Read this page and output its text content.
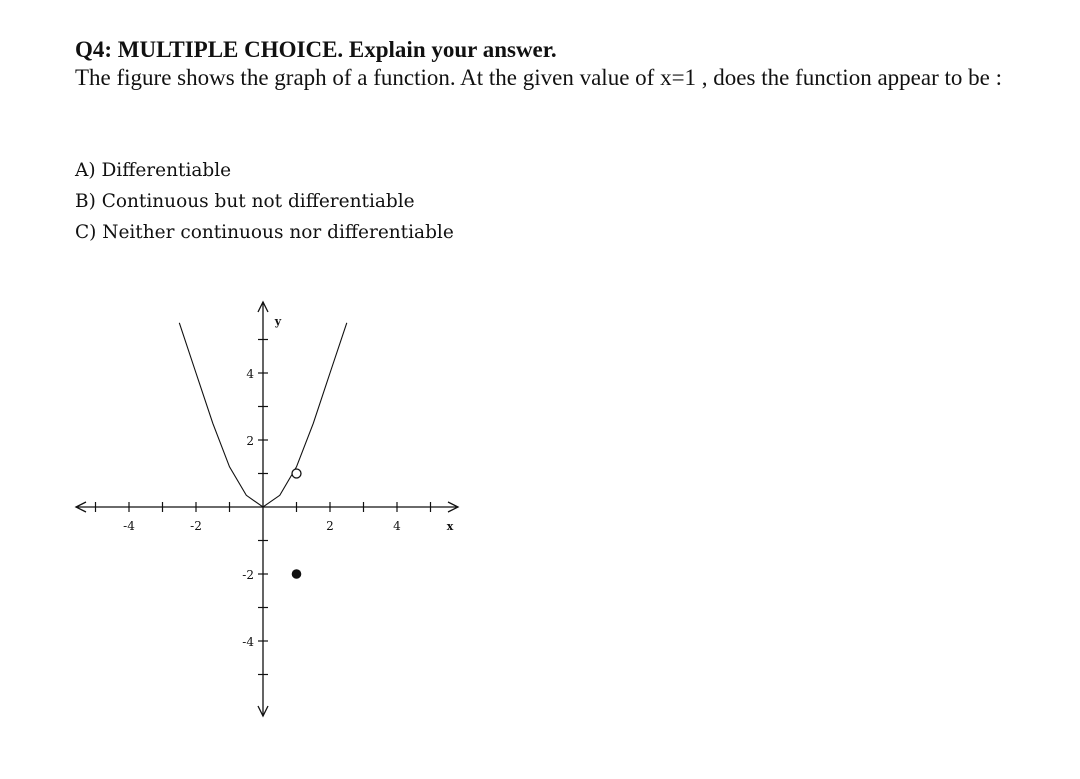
Q4: MULTIPLE CHOICE. Explain your answer.

The figure shows the graph of a function. At the given value of x=1 , does the function appear to be :

A) Differentiable

B) Continuous but not differentiable

C) Neither continuous nor differentiable

-4	-2	2	4
4
2
-2
-4
x
y
